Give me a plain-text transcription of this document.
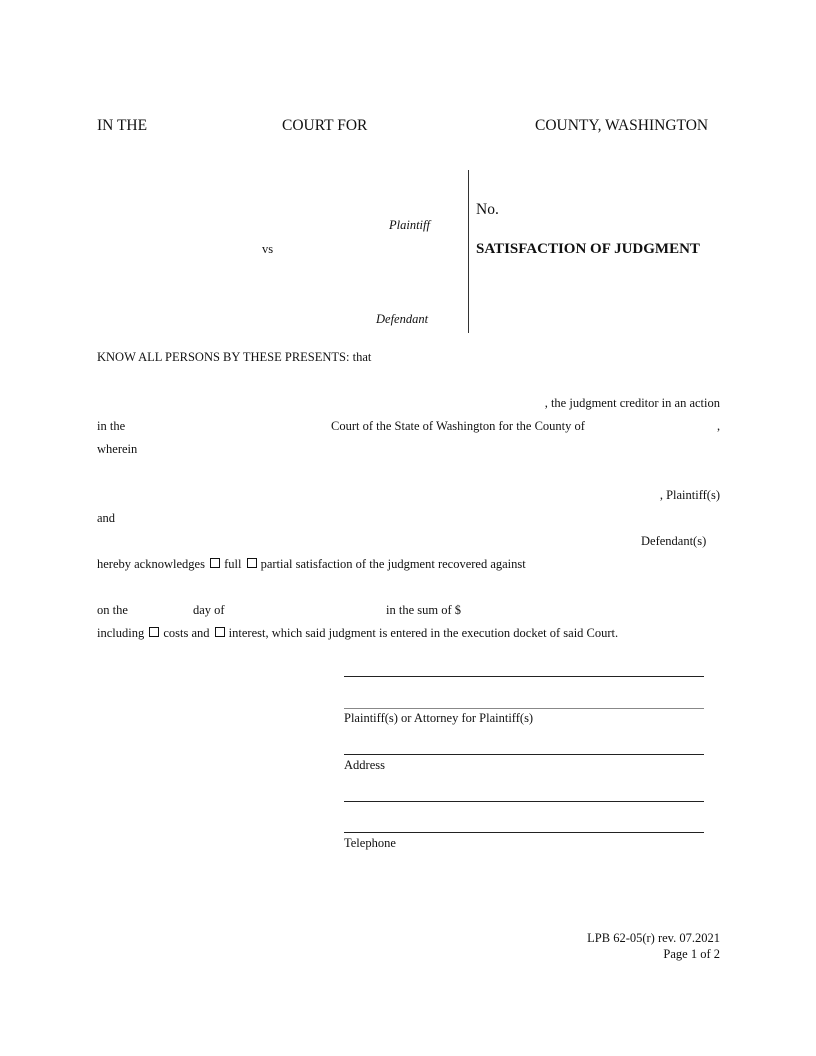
IN THE	COURT FOR	COUNTY, WASHINGTON
Plaintiff
vs
Defendant
No.
SATISFACTION OF JUDGMENT
KNOW ALL PERSONS BY THESE PRESENTS: that
, the judgment creditor in an action
in the	Court of the State of Washington for the County of	,
wherein
, Plaintiff(s)
and
Defendant(s)
hereby acknowledges full partial satisfaction of the judgment recovered against
on the	day of	in the sum of $
including costs and interest, which said judgment is entered in the execution docket of said Court.
Plaintiff(s) or Attorney for Plaintiff(s)
Address
Telephone
LPB 62-05(r) rev. 07.2021
Page 1 of 2
